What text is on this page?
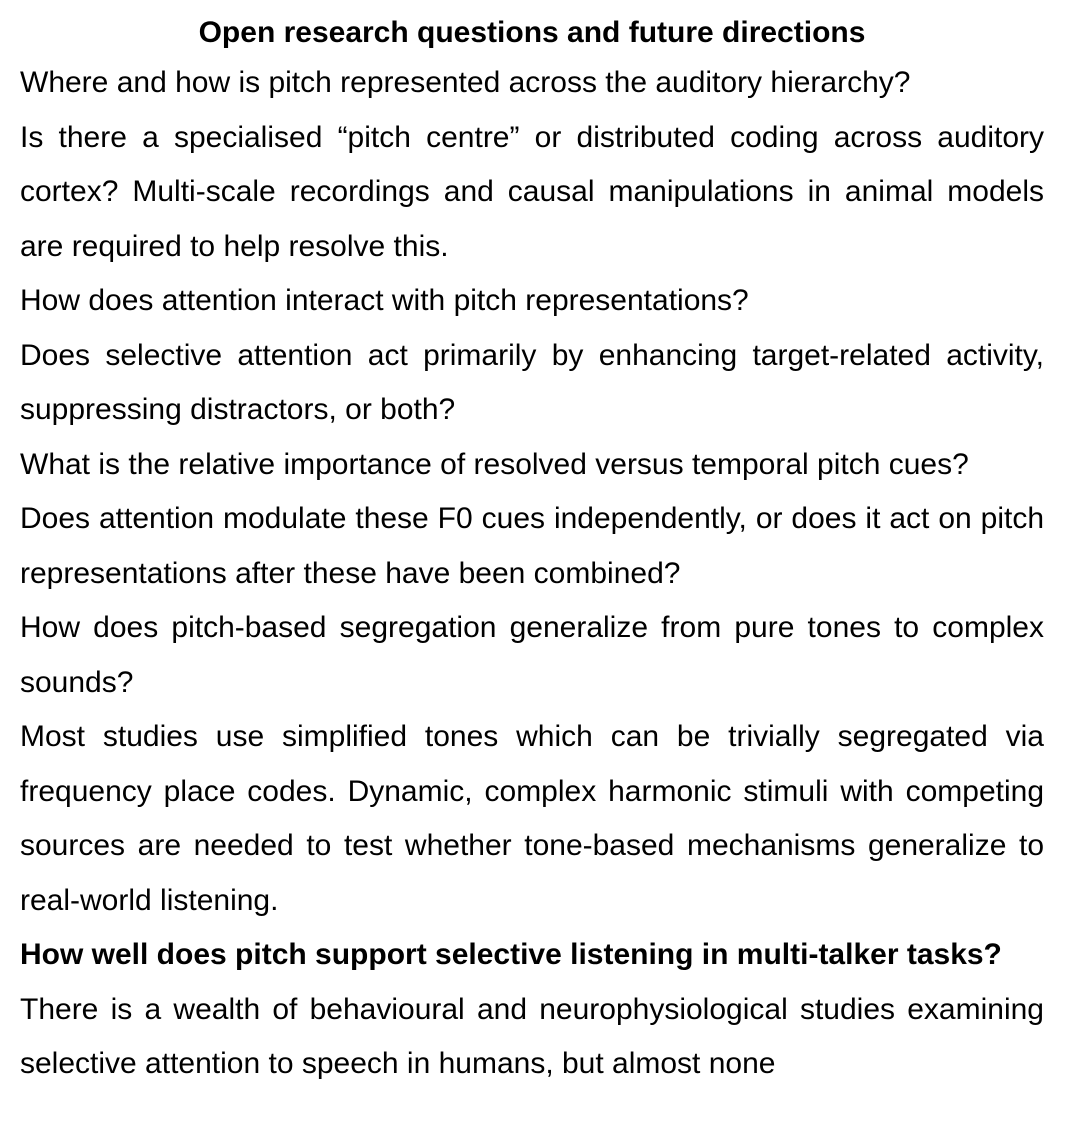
Open research questions and future directions

Where and how is pitch represented across the auditory hierarchy?

Is there a specialised “pitch centre” or distributed coding across auditory cortex? Multi-scale recordings and causal manipulations in animal models are required to help resolve this.

How does attention interact with pitch representations?

Does selective attention act primarily by enhancing target-related activity, suppressing distractors, or both?

What is the relative importance of resolved versus temporal pitch cues?

Does attention modulate these F0 cues independently, or does it act on pitch representations after these have been combined?

How does pitch-based segregation generalize from pure tones to complex sounds?

Most studies use simplified tones which can be trivially segregated via frequency place codes. Dynamic, complex harmonic stimuli with competing sources are needed to test whether tone-based mechanisms generalize to real-world listening.

How well does pitch support selective listening in multi-talker tasks?

There is a wealth of behavioural and neurophysiological studies examining selective attention to speech in humans, but almost none
